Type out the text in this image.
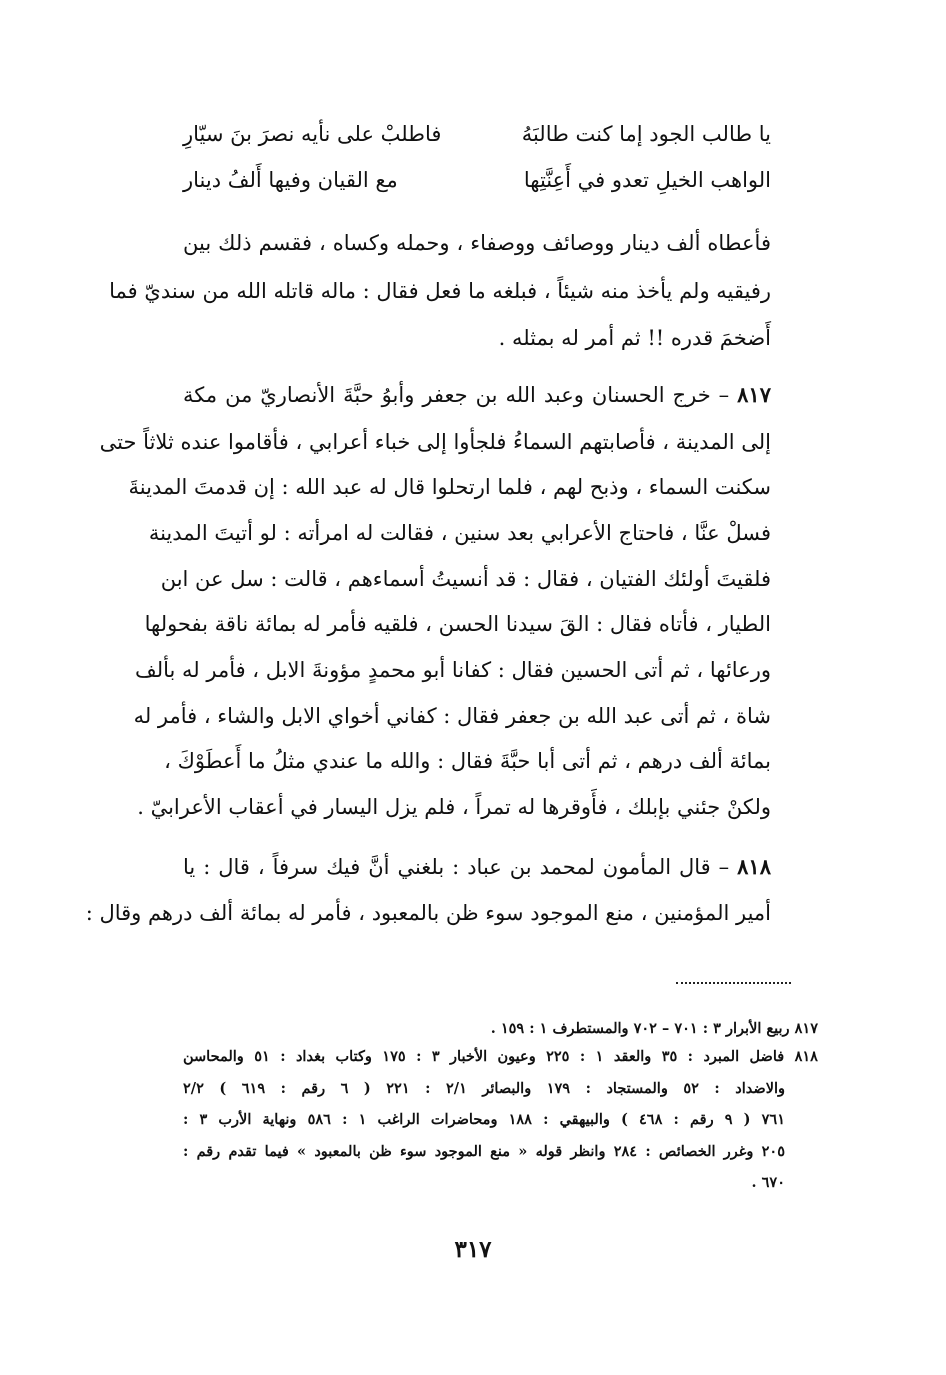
يا طالب الجود إما كنت طالبَهُ
فاطلبْ على نأيه نصرَ بنَ سيّارِ
الواهب الخيلِ تعدو في أَعِنَّتِها
مع القيان وفيها أَلفُ دينار
فأعطاه ألف دينار ووصائف ووصفاء ، وحمله وكساه ، فقسم ذلك بين
رفيقيه ولم يأخذ منه شيئاً ، فبلغه ما فعل فقال : ماله قاتله الله من سنديّ فما
أَضخمَ قدره !! ثم أمر له بمثله .
٨١٧ – خرج الحسنان وعبد الله بن جعفر وأبوُ حبَّةَ الأنصاريّ من مكة
إلى المدينة ، فأصابتهم السماءُ فلجأوا إلى خباء أعرابي ، فأقاموا عنده ثلاثاً حتى
سكنت السماء ، وذبح لهم ، فلما ارتحلوا قال له عبد الله : إن قدمتَ المدينةَ
فسلْ عنَّا ، فاحتاج الأعرابي بعد سنين ، فقالت له امرأته : لو أتيتَ المدينة
فلقيتَ أولئك الفتيان ، فقال : قد أنسيتُ أسماءهم ، قالت : سل عن ابن
الطيار ، فأتاه فقال : القَ سيدنا الحسن ، فلقيه فأمر له بمائة ناقة بفحولها
ورعائها ، ثم أتى الحسين فقال : كفانا أبو محمدٍ مؤونةَ الابل ، فأمر له بألف
شاة ، ثم أتى عبد الله بن جعفر فقال : كفاني أخواي الابل والشاء ، فأمر له
بمائة ألف درهم ، ثم أتى أبا حبَّةَ فقال : والله ما عندي مثلُ ما أَعطَوْكَ ،
ولكنْ جئني بإبلك ، فأَوقرها له تمراً ، فلم يزل اليسار في أعقاب الأعرابيّ .
٨١٨ – قال المأمون لمحمد بن عباد : بلغني أنَّ فيك سرفاً ، قال : يا
أمير المؤمنين ، منع الموجود سوء ظن بالمعبود ، فأمر له بمائة ألف درهم وقال :
٨١٧ ربيع الأبرار ٣ : ٧٠١ – ٧٠٢ والمستطرف ١ : ١٥٩ .
٨١٨ فاضل المبرد : ٣٥ والعقد ١ : ٢٢٥ وعيون الأخبار ٣ : ١٧٥ وكتاب بغداد : ٥١ والمحاسن
والاضداد : ٥٢ والمستجاد : ١٧٩ والبصائر ٢/١ : ٢٢١ ( ٦ رقم : ٦١٩ ) ٢/٢
٧٦١ ( ٩ رقم : ٤٦٨ ) والبيهقي : ١٨٨ ومحاضرات الراغب ١ : ٥٨٦ ونهاية الأرب ٣ :
٢٠٥ وغرر الخصائص : ٢٨٤ وانظر قوله « منع الموجود سوء ظن بالمعبود » فيما تقدم رقم :
٦٧٠ .
٣١٧
